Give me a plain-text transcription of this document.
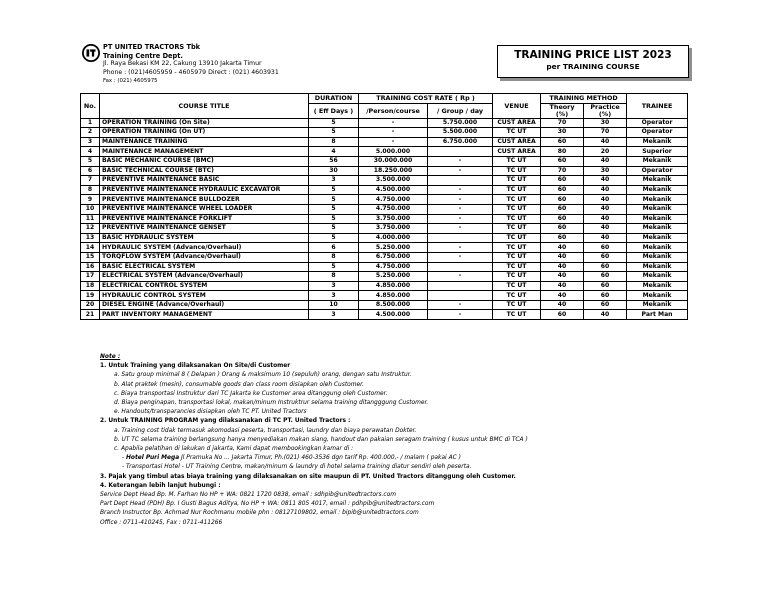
PT UNITED TRACTORS Tbk
Training Centre Dept.
Jl. Raya Bekasi KM 22, Cakung 13910 Jakarta Timur
Phone : (021)4605959 - 4605979 Direct : (021) 4603931
Fax : (021) 4605975
TRAINING PRICE LIST 2023
per TRAINING COURSE
No.	COURSE TITLE	DURATION	TRAINING COST RATE ( Rp )		VENUE	TRAINING METHOD		TRAINEE
		( Eff Days )	/Person/course	/ Group / day		Theory (%)	Practice (%)	
1	OPERATION TRAINING (On Site)	5	-	5.750.000	CUST AREA	70	30	Operator
2	OPERATION TRAINING (On UT)	5	-	5.500.000	TC UT	30	70	Operator
3	MAINTENANCE TRAINING	8	-	6.750.000	CUST AREA	60	40	Mekanik
4	MAINTENANCE MANAGEMENT	4	5.000.000		CUST AREA	80	20	Superior
5	BASIC MECHANIC COURSE (BMC)	56	30.000.000	-	TC UT	60	40	Mekanik
6	BASIC TECHNICAL COURSE (BTC)	30	18.250.000	-	TC UT	70	30	Operator
7	PREVENTIVE MAINTENANCE BASIC	3	3.500.000		TC UT	60	40	Mekanik
8	PREVENTIVE MAINTENANCE HYDRAULIC EXCAVATOR	5	4.500.000	-	TC UT	60	40	Mekanik
9	PREVENTIVE MAINTENANCE BULLDOZER	5	4.750.000	-	TC UT	60	40	Mekanik
10	PREVENTIVE MAINTENANCE WHEEL LOADER	5	4.750.000	-	TC UT	60	40	Mekanik
11	PREVENTIVE MAINTENANCE FORKLIFT	5	3.750.000	-	TC UT	60	40	Mekanik
12	PREVENTIVE MAINTENANCE GENSET	5	3.750.000	-	TC UT	60	40	Mekanik
13	BASIC HYDRAULIC SYSTEM	5	4.000.000		TC UT	60	40	Mekanik
14	HYDRAULIC SYSTEM (Advance/Overhaul)	6	5.250.000	-	TC UT	40	60	Mekanik
15	TORQFLOW SYSTEM (Advance/Overhaul)	8	6.750.000	-	TC UT	40	60	Mekanik
16	BASIC ELECTRICAL SYSTEM	5	4.750.000		TC UT	40	60	Mekanik
17	ELECTRICAL SYSTEM (Advance/Overhaul)	8	5.250.000	-	TC UT	40	60	Mekanik
18	ELECTRICAL CONTROL SYSTEM	3	4.850.000		TC UT	40	60	Mekanik
19	HYDRAULIC CONTROL SYSTEM	3	4.850.000		TC UT	40	60	Mekanik
20	DIESEL ENGINE (Advance/Overhaul)	10	8.500.000	-	TC UT	40	60	Mekanik
21	PART INVENTORY MANAGEMENT	3	4.500.000	-	TC UT	60	40	Part Man
Note :
1. Untuk Training yang dilaksanakan On Site/di Customer
a. Satu group minimal 8 ( Delapan ) Orang & maksimum 10 (sepuluh) orang, dengan satu Instruktur.
b. Alat praktek (mesin), consumable goods dan class room disiapkan oleh Customer.
c. Biaya transportasi Instruktur dari TC Jakarta ke Customer area ditanggung oleh Customer.
d. Biaya penginapan, transportasi lokal, makan/minum Instruktrur selama training ditangggung Customer.
e. Handouts/transparancies disiapkan oleh TC PT. United Tractors
2. Untuk TRAINING PROGRAM yang dilaksanakan di TC PT. United Tractors :
a. Training cost tidak termasuk akomodasi peserta, transportasi, laundry dan biaya perawatan Dokter.
b. UT TC selama training berlangsung hanya menyediakan makan siang, handout dan pakaian seragam training ( kusus untuk BMC di TCA )
c. Apabila pelatihan di lakukan d jakarta, Kami dapat membookingkan kamar di :
- Hotel Puri Mega Jl Pramuka No ... Jakarta Timur, Ph.(021) 460-3536 dgn tarif Rp. 400.000,- / malam ( pakai AC )
- Transportasi Hotel - UT Training Centre, makan/minum & laundry di hotel selama training diatur sendiri oleh peserta.
3. Pajak yang timbul atas biaya training yang dilaksanakan on site maupun di PT. United Tractors ditanggung oleh Customer.
4. Keterangan lebih lanjut hubungi :
Service Dept Head Bp. M. Farhan No HP + WA: 0821 1720 0838, email : sdhpib@unitedtractors.com
Part Dept Head (PDH) Bp. I Gusti Bagus Aditya, No HP + WA: 0811 805 4017, email : pdhpib@unitedtractors.com
Branch Instructor Bp. Achmad Nur Rochmanu mobile phn : 08127109802, email : bipib@unitedtractors.com
Office : 0711-410245, Fax : 0711-411266
